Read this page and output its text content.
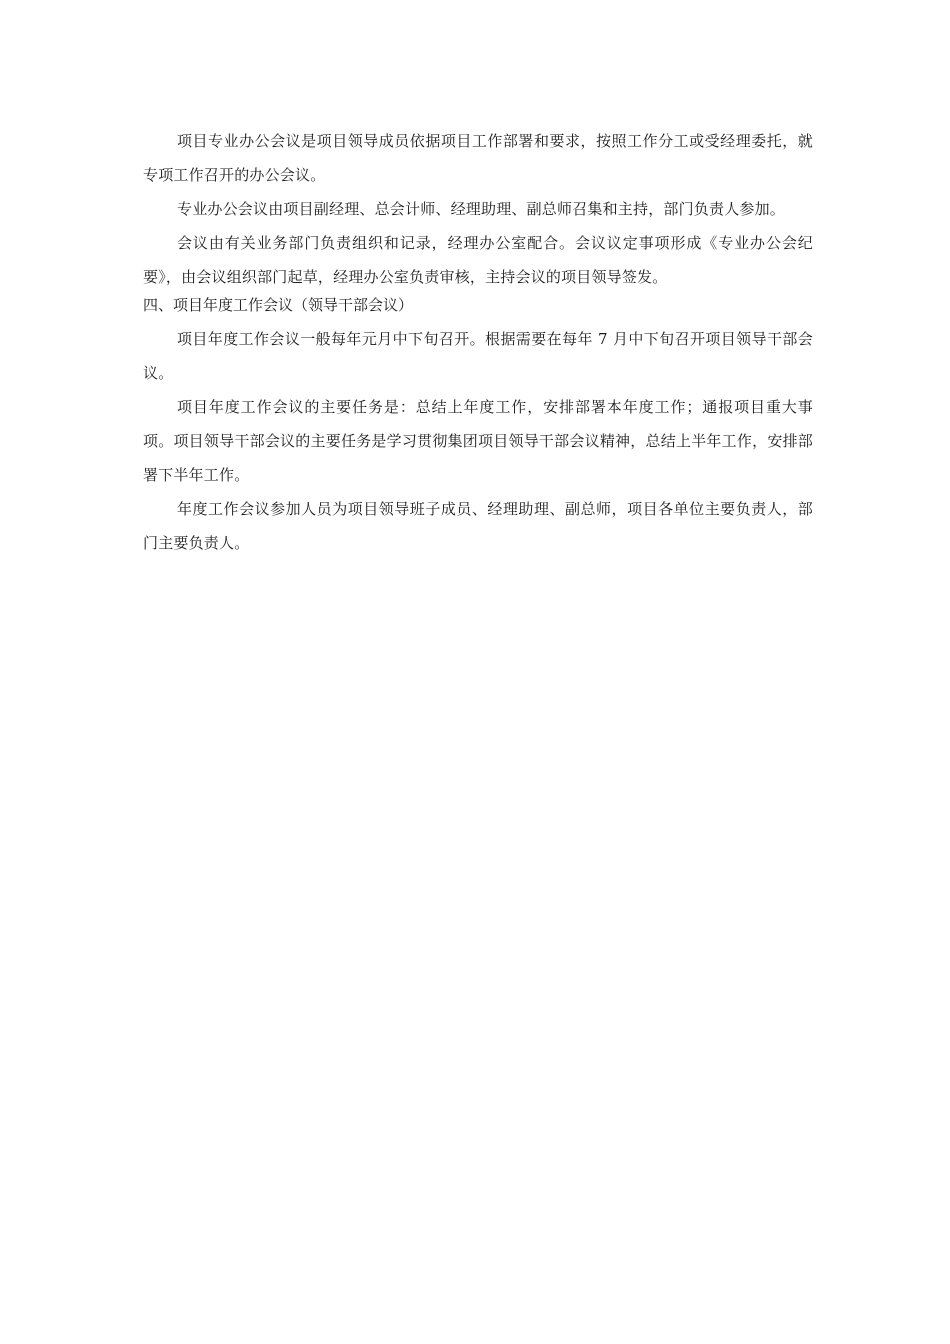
项目专业办公会议是项目领导成员依据项目工作部署和要求，按照工作分工或受经理委托，就专项工作召开的办公会议。

专业办公会议由项目副经理、总会计师、经理助理、副总师召集和主持，部门负责人参加。

会议由有关业务部门负责组织和记录，经理办公室配合。会议议定事项形成《专业办公会纪要》，由会议组织部门起草，经理办公室负责审核，主持会议的项目领导签发。

四、项目年度工作会议（领导干部会议）

项目年度工作会议一般每年元月中下旬召开。根据需要在每年 7 月中下旬召开项目领导干部会议。

项目年度工作会议的主要任务是：总结上年度工作，安排部署本年度工作；通报项目重大事项。项目领导干部会议的主要任务是学习贯彻集团项目领导干部会议精神，总结上半年工作，安排部署下半年工作。

年度工作会议参加人员为项目领导班子成员、经理助理、副总师，项目各单位主要负责人，部门主要负责人。
